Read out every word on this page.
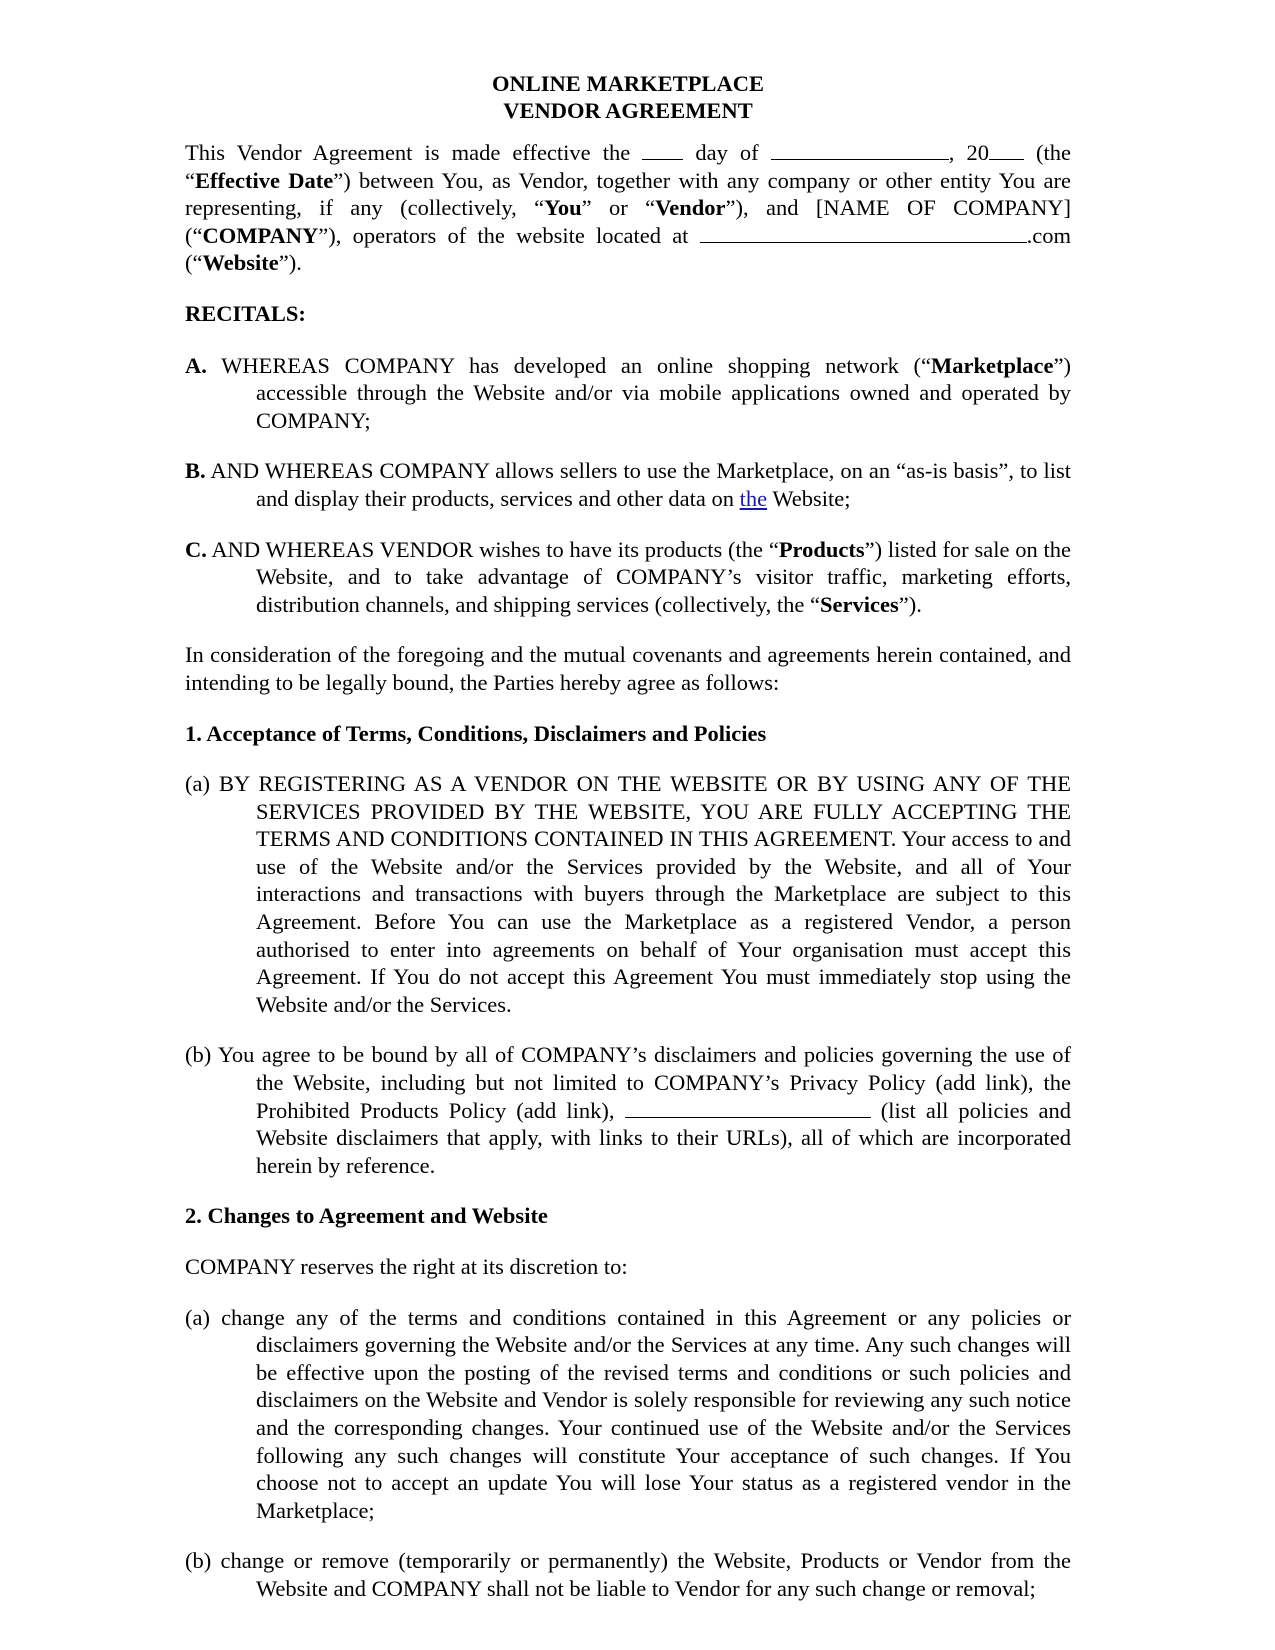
ONLINE MARKETPLACE

VENDOR AGREEMENT

This Vendor Agreement is made effective the  day of	, 20 (the “Effective Date”) between You, as Vendor, together with any company or other entity You are representing, if any (collectively, “You” or “Vendor”), and [NAME OF COMPANY] (“COMPANY”), operators of the website located at	.com (“Website”).

RECITALS:

A. WHEREAS COMPANY has developed an online shopping network (“Marketplace”) accessible through the Website and/or via mobile applications owned and operated by COMPANY;

B. AND WHEREAS COMPANY allows sellers to use the Marketplace, on an “as-is basis”, to list and display their products, services and other data on the Website;

C. AND WHEREAS VENDOR wishes to have its products (the “Products”) listed for sale on the Website, and to take advantage of COMPANY’s visitor traffic, marketing efforts, distribution channels, and shipping services (collectively, the “Services”).

In consideration of the foregoing and the mutual covenants and agreements herein contained, and intending to be legally bound, the Parties hereby agree as follows:

1. Acceptance of Terms, Conditions, Disclaimers and Policies

(a) BY REGISTERING AS A VENDOR ON THE WEBSITE OR BY USING ANY OF THE SERVICES PROVIDED BY THE WEBSITE, YOU ARE FULLY ACCEPTING THE TERMS AND CONDITIONS CONTAINED IN THIS AGREEMENT. Your access to and use of the Website and/or the Services provided by the Website, and all of Your interactions and transactions with buyers through the Marketplace are subject to this Agreement. Before You can use the Marketplace as a registered Vendor, a person authorised to enter into agreements on behalf of Your organisation must accept this Agreement. If You do not accept this Agreement You must immediately stop using the Website and/or the Services.

(b) You agree to be bound by all of COMPANY’s disclaimers and policies governing the use of the Website, including but not limited to COMPANY’s Privacy Policy (add link), the Prohibited Products Policy (add link),	(list all policies and Website disclaimers that apply, with links to their URLs), all of which are incorporated herein by reference.

2. Changes to Agreement and Website

COMPANY reserves the right at its discretion to:

(a) change any of the terms and conditions contained in this Agreement or any policies or disclaimers governing the Website and/or the Services at any time. Any such changes will be effective upon the posting of the revised terms and conditions or such policies and disclaimers on the Website and Vendor is solely responsible for reviewing any such notice and the corresponding changes. Your continued use of the Website and/or the Services following any such changes will constitute Your acceptance of such changes. If You choose not to accept an update You will lose Your status as a registered vendor in the Marketplace;

(b) change or remove (temporarily or permanently) the Website, Products or Vendor from the Website and COMPANY shall not be liable to Vendor for any such change or removal;
